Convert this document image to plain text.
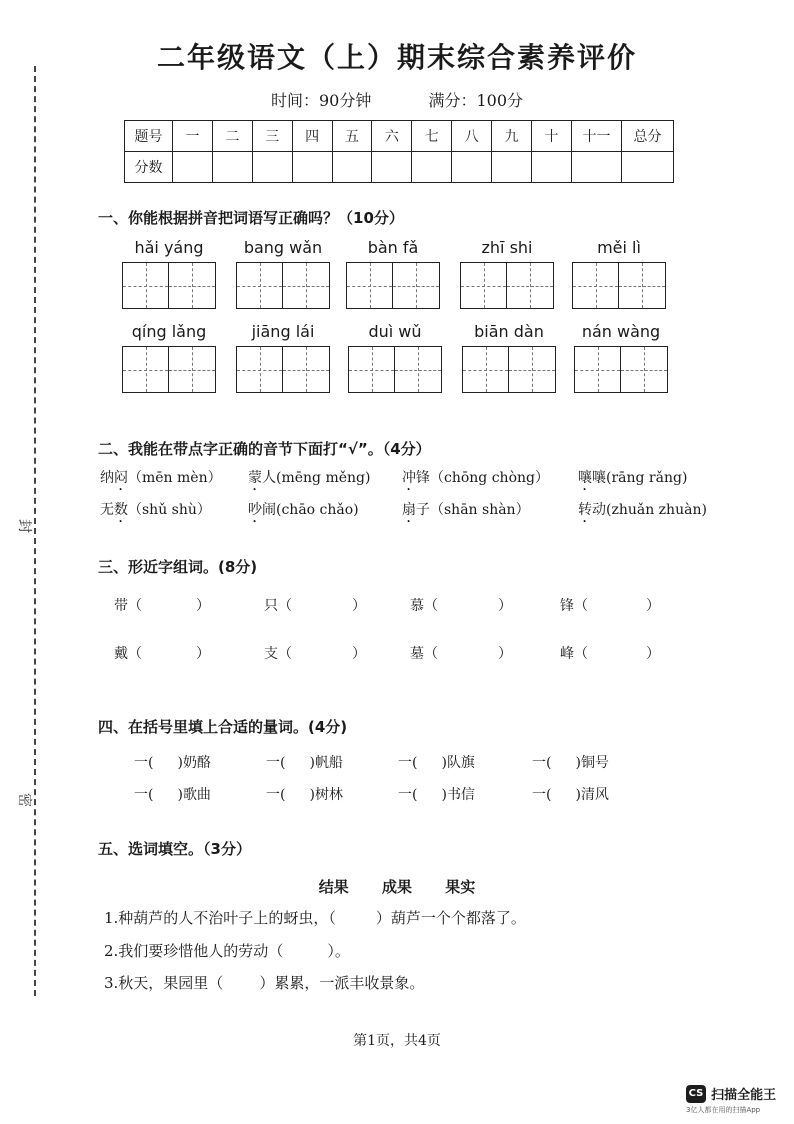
封
密
二年级语文（上）期末综合素养评价
时间：90分钟	满分：100分
题号	一	二	三	四	五	六	七	八	九	十	十一	总分
分数												
一、你能根据拼音把词语写正确吗？（10分）
hǎi yáng	bang wǎn	bàn fǎ	zhī shi	měi lì
qíng lǎng	jiāng lái	duì wǔ	biān dàn	nán wàng
二、我能在带点字正确的音节下面打“√”。（4分）
纳闷（mēn mèn） 蒙人(mēng měng) 冲锋（chōng chòng） 嚷嚷(rāng rǎng)
无数（shǔ shù）	吵闹(chāo chǎo)	扇子（shān shàn）	转动(zhuǎn zhuàn)
三、形近字组词。(8分)
带（	）	只（	）	慕（	）	锋（	）
戴（	）	支（	）	墓（	）	峰（	）
四、在括号里填上合适的量词。(4分)
一( )奶酪	一( )帆船	一( )队旗	一( )铜号
一( )歌曲	一( )树林	一( )书信	一( )清风
五、选词填空。（3分）
结果 成果 果实
1.种葫芦的人不治叶子上的蚜虫，（	）葫芦一个个都落了。
2.我们要珍惜他人的劳动（	）。
3.秋天，果园里（ ）累累，一派丰收景象。
第1页，共4页
CS 扫描全能王
3亿人都在用的扫描App
